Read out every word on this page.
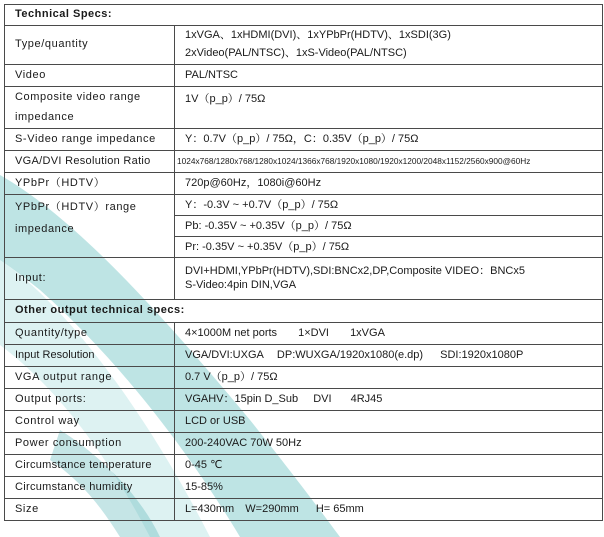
Technical Specs:	
Type/quantity	1xVGA、1xHDMI(DVI)、1xYPbPr(HDTV)、1xSDI(3G)
2xVideo(PAL/NTSC)、1xS-Video(PAL/NTSC)

Video	PAL/NTSC

Composite video range
impedance	1V（p_p）/ 75Ω
S-Video range impedance	Y：0.7V（p_p）/ 75Ω，C：0.35V（p_p）/ 75Ω
VGA/DVI Resolution Ratio	1024x768/1280x768/1280x1024/1366x768/1920x1080/1920x1200/2048x1152/2560x900@60Hz
YPbPr（HDTV）	720p@60Hz，1080i@60Hz

YPbPr（HDTV）range
impedance	Y：-0.3V ~ +0.7V（p_p）/ 75Ω
Pb: -0.35V ~ +0.35V（p_p）/ 75Ω
Pr: -0.35V ~ +0.35V（p_p）/ 75Ω

Input:	DVI+HDMI,YPbPr(HDTV),SDI:BNCx2,DP,Composite VIDEO：BNCx5
S-Video:4pin DIN,VGA

Other output technical specs:	
Quantity/type	4×1000M net ports 1×DVI 1xVGA
Input Resolution	VGA/DVI:UXGA DP:WUXGA/1920x1080(e.dp) SDI:1920x1080P
VGA output range	0.7 V（p_p）/ 75Ω
Output ports:	VGAHV：15pin D_Sub DVI 4RJ45
Control way	LCD or USB
Power consumption	200-240VAC 70W 50Hz
Circumstance temperature	0-45 ℃
Circumstance humidity	15-85%
Size	L=430mm W=290mm H= 65mm
